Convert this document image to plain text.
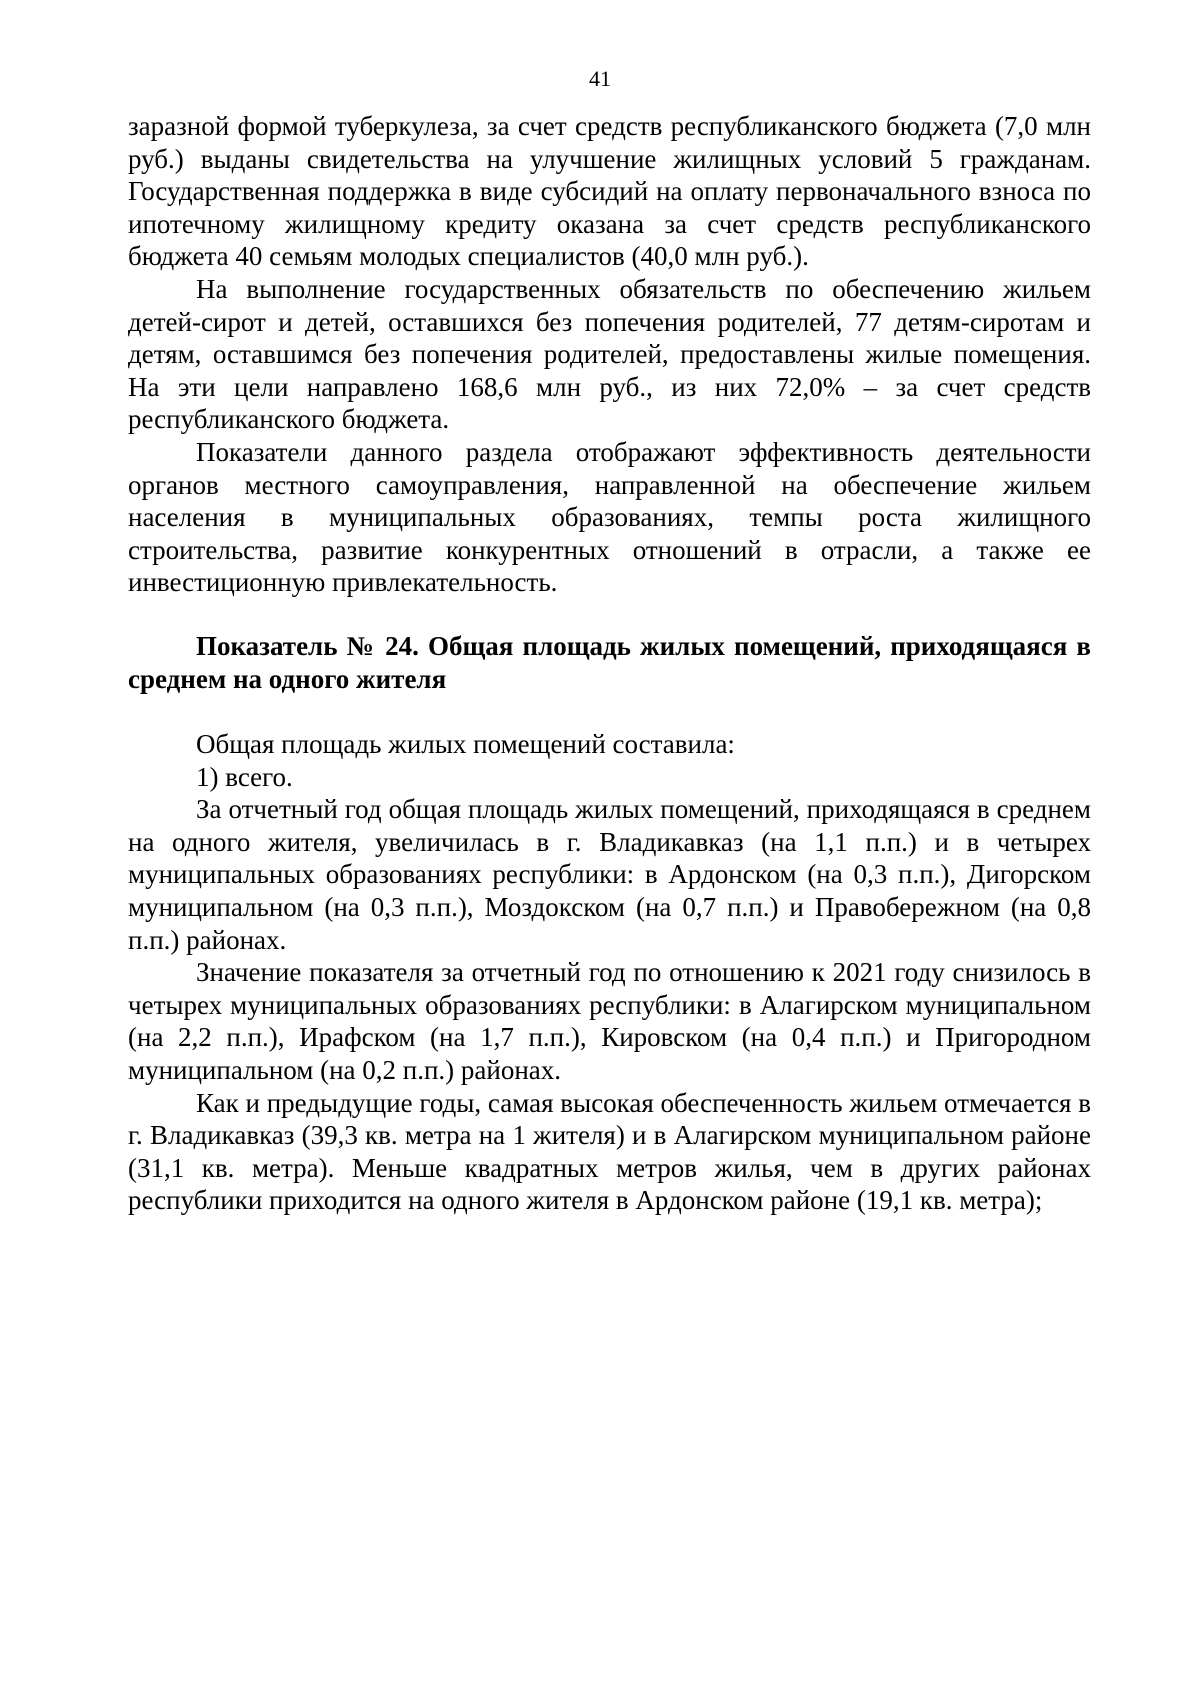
41

заразной формой туберкулеза, за счет средств республиканского бюджета (7,0 млн руб.) выданы свидетельства на улучшение жилищных условий 5 гражданам. Государственная поддержка в виде субсидий на оплату первоначального взноса по ипотечному жилищному кредиту оказана за счет средств республиканского бюджета 40 семьям молодых специалистов (40,0 млн руб.).

На выполнение государственных обязательств по обеспечению жильем детей-сирот и детей, оставшихся без попечения родителей, 77 детям-сиротам и детям, оставшимся без попечения родителей, предоставлены жилые помещения. На эти цели направлено 168,6 млн руб., из них 72,0% – за счет средств республиканского бюджета.

Показатели данного раздела отображают эффективность деятельности органов местного самоуправления, направленной на обеспечение жильем населения в муниципальных образованиях, темпы роста жилищного строительства, развитие конкурентных отношений в отрасли, а также ее инвестиционную привлекательность.

Показатель № 24. Общая площадь жилых помещений, приходящаяся в среднем на одного жителя

Общая площадь жилых помещений составила:

1) всего.

За отчетный год общая площадь жилых помещений, приходящаяся в среднем на одного жителя, увеличилась в г. Владикавказ (на 1,1 п.п.) и в четырех муниципальных образованиях республики: в Ардонском (на 0,3 п.п.), Дигорском муниципальном (на 0,3 п.п.), Моздокском (на 0,7 п.п.) и Правобережном (на 0,8 п.п.) районах.

Значение показателя за отчетный год по отношению к 2021 году снизилось в четырех муниципальных образованиях республики: в Алагирском муниципальном (на 2,2 п.п.), Ирафском (на 1,7 п.п.), Кировском (на 0,4 п.п.) и Пригородном муниципальном (на 0,2 п.п.) районах.

Как и предыдущие годы, самая высокая обеспеченность жильем отмечается в г. Владикавказ (39,3 кв. метра на 1 жителя) и в Алагирском муниципальном районе (31,1 кв. метра). Меньше квадратных метров жилья, чем в других районах республики приходится на одного жителя в Ардонском районе (19,1 кв. метра);
